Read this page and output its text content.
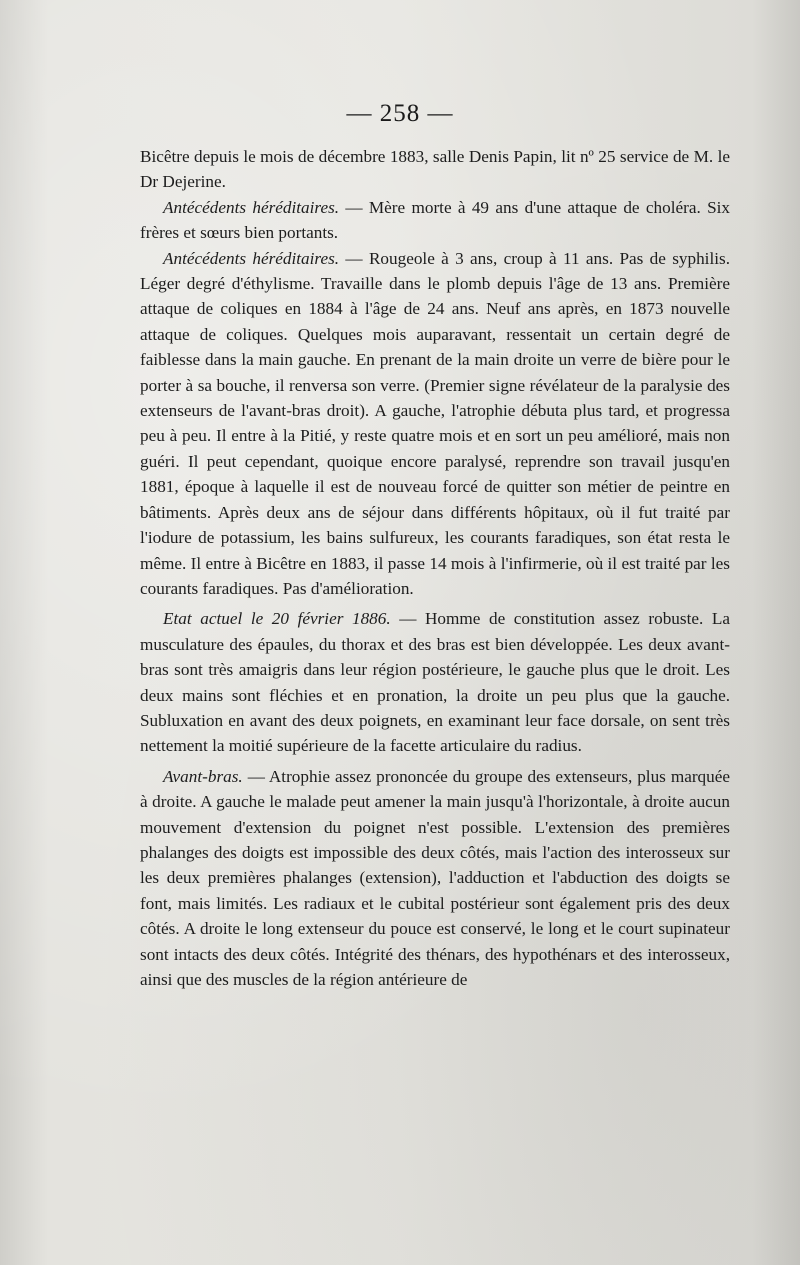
— 258 —

Bicêtre depuis le mois de décembre 1883, salle Denis Papin, lit nº 25 service de M. le Dr Dejerine.

Antécédents héréditaires. — Mère morte à 49 ans d'une attaque de choléra. Six frères et sœurs bien portants.

Antécédents héréditaires. — Rougeole à 3 ans, croup à 11 ans. Pas de syphilis. Léger degré d'éthylisme. Travaille dans le plomb depuis l'âge de 13 ans. Première attaque de coliques en 1884 à l'âge de 24 ans. Neuf ans après, en 1873 nouvelle attaque de coliques. Quelques mois auparavant, ressentait un certain degré de faiblesse dans la main gauche. En prenant de la main droite un verre de bière pour le porter à sa bouche, il renversa son verre. (Premier signe révélateur de la paralysie des extenseurs de l'avant-bras droit). A gauche, l'atrophie débuta plus tard, et progressa peu à peu. Il entre à la Pitié, y reste quatre mois et en sort un peu amélioré, mais non guéri. Il peut cependant, quoique encore paralysé, reprendre son travail jusqu'en 1881, époque à laquelle il est de nouveau forcé de quitter son métier de peintre en bâtiments. Après deux ans de séjour dans différents hôpitaux, où il fut traité par l'iodure de potassium, les bains sulfureux, les courants faradiques, son état resta le même. Il entre à Bicêtre en 1883, il passe 14 mois à l'infirmerie, où il est traité par les courants faradiques. Pas d'amélioration.

Etat actuel le 20 février 1886. — Homme de constitution assez robuste. La musculature des épaules, du thorax et des bras est bien développée. Les deux avant-bras sont très amaigris dans leur région postérieure, le gauche plus que le droit. Les deux mains sont fléchies et en pronation, la droite un peu plus que la gauche. Subluxation en avant des deux poignets, en examinant leur face dorsale, on sent très nettement la moitié supérieure de la facette articulaire du radius.

Avant-bras. — Atrophie assez prononcée du groupe des extenseurs, plus marquée à droite. A gauche le malade peut amener la main jusqu'à l'horizontale, à droite aucun mouvement d'extension du poignet n'est possible. L'extension des premières phalanges des doigts est impossible des deux côtés, mais l'action des interosseux sur les deux premières phalanges (extension), l'adduction et l'abduction des doigts se font, mais limités. Les radiaux et le cubital postérieur sont également pris des deux côtés. A droite le long extenseur du pouce est conservé, le long et le court supinateur sont intacts des deux côtés. Intégrité des thénars, des hypothénars et des interosseux, ainsi que des muscles de la région antérieure de
